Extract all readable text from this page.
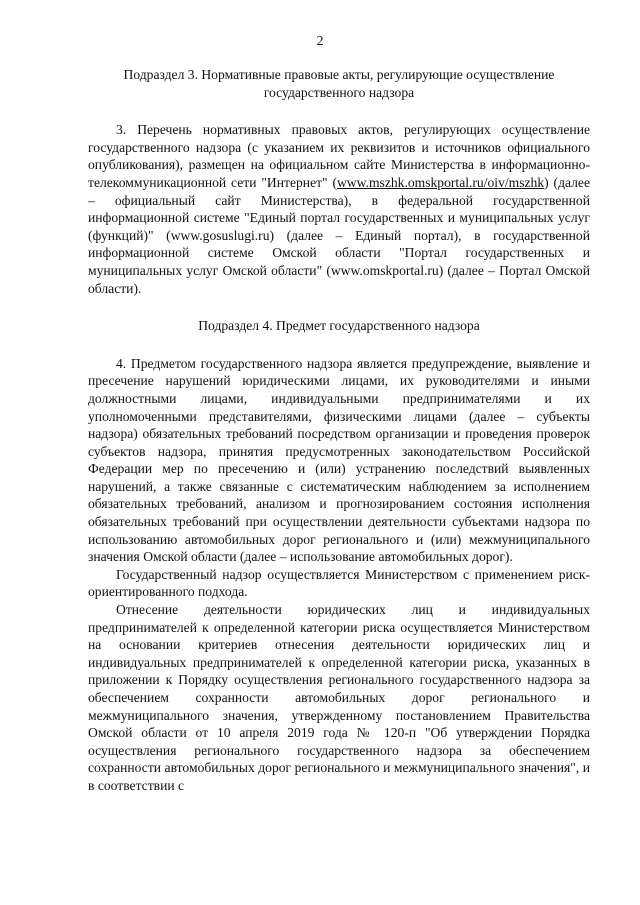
2

Подраздел 3. Нормативные правовые акты, регулирующие осуществление государственного надзора

3. Перечень нормативных правовых актов, регулирующих осуществление государственного надзора (с указанием их реквизитов и источников официального опубликования), размещен на официальном сайте Министерства в информационно-телекоммуникационной сети "Интернет" (www.mszhk.omskportal.ru/oiv/mszhk) (далее – официальный сайт Министерства), в федеральной государственной информационной системе "Единый портал государственных и муниципальных услуг (функций)" (www.gosuslugi.ru) (далее – Единый портал), в государственной информационной системе Омской области "Портал государственных и муниципальных услуг Омской области" (www.omskportal.ru) (далее – Портал Омской области).

Подраздел 4. Предмет государственного надзора

4. Предметом государственного надзора является предупреждение, выявление и пресечение нарушений юридическими лицами, их руководителями и иными должностными лицами, индивидуальными предпринимателями и их уполномоченными представителями, физическими лицами (далее – субъекты надзора) обязательных требований посредством организации и проведения проверок субъектов надзора, принятия предусмотренных законодательством Российской Федерации мер по пресечению и (или) устранению последствий выявленных нарушений, а также связанные с систематическим наблюдением за исполнением обязательных требований, анализом и прогнозированием состояния исполнения обязательных требований при осуществлении деятельности субъектами надзора по использованию автомобильных дорог регионального и (или) межмуниципального значения Омской области (далее – использование автомобильных дорог).

Государственный надзор осуществляется Министерством с применением риск-ориентированного подхода.

Отнесение деятельности юридических лиц и индивидуальных предпринимателей к определенной категории риска осуществляется Министерством на основании критериев отнесения деятельности юридических лиц и индивидуальных предпринимателей к определенной категории риска, указанных в приложении к Порядку осуществления регионального государственного надзора за обеспечением сохранности автомобильных дорог регионального и межмуниципального значения, утвержденному постановлением Правительства Омской области от 10 апреля 2019 года № 120-п "Об утверждении Порядка осуществления регионального государственного надзора за обеспечением сохранности автомобильных дорог регионального и межмуниципального значения", и в соответствии с
